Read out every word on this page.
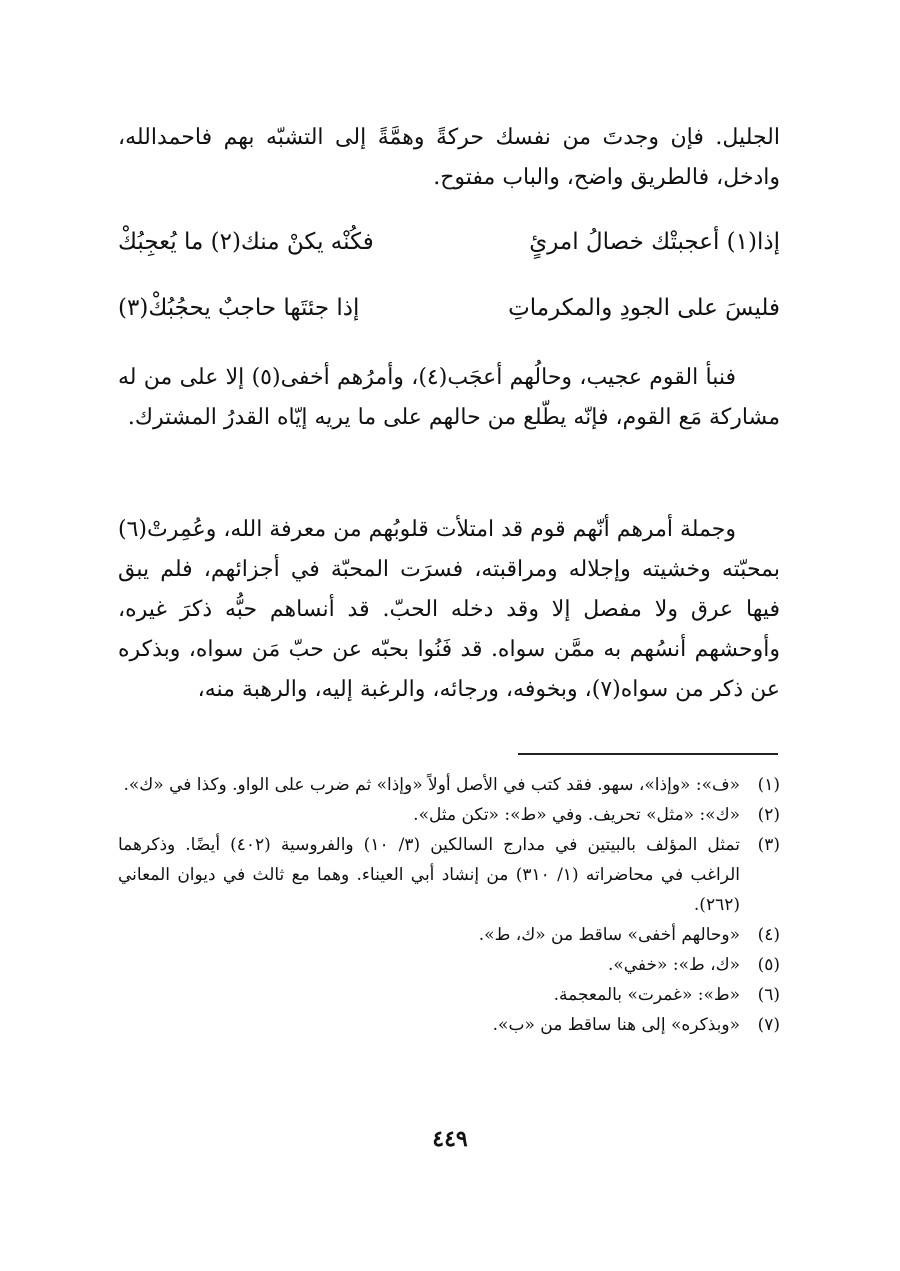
الجليل. فإن وجدتَ من نفسك حركةً وهمَّةً إلى التشبّه بهم فاحمدالله، وادخل، فالطريق واضح، والباب مفتوح.

إذا(١) أعجبتْك خصالُ امرئٍ
فكُنْه يكنْ منك(٢) ما يُعجِبُكْ
فليسَ على الجودِ والمكرماتِ
إذا جئتَها حاجبٌ يحجُبُكْ(٣)

فنبأ القوم عجيب، وحالُهم أعجَب(٤)، وأمرُهم أخفى(٥) إلا على من له مشاركة مَع القوم، فإنّه يطّلع من حالهم على ما يريه إيّاه القدرُ المشترك.

وجملة أمرهم أنّهم قوم قد امتلأت قلوبُهم من معرفة الله، وعُمِرتْ(٦) بمحبّته وخشيته وإجلاله ومراقبته، فسرَت المحبّة في أجزائهم، فلم يبق فيها عرق ولا مفصل إلا وقد دخله الحبّ. قد أنساهم حبُّه ذكرَ غيره، وأوحشهم أنسُهم به ممَّن سواه. قد فَنُوا بحبّه عن حبّ مَن سواه، وبذكره عن ذكر من سواه(٧)، وبخوفه، ورجائه، والرغبة إليه، والرهبة منه،

(١)
«ف»: «وإذا»، سهو. فقد كتب في الأصل أولاً «وإذا» ثم ضرب على الواو. وكذا في «ك».
(٢)
«ك»: «مثل» تحريف. وفي «ط»: «تكن مثل».
(٣)
تمثل المؤلف بالبيتين في مدارج السالكين (٣/ ١٠) والفروسية (٤٠٢) أيضًا. وذكرهما الراغب في محاضراته (١/ ٣١٠) من إنشاد أبي العيناء. وهما مع ثالث في ديوان المعاني (٢٦٢).
(٤)
«وحالهم أخفى» ساقط من «ك، ط».
(٥)
«ك، ط»: «خفي».
(٦)
«ط»: «غمرت» بالمعجمة.
(٧)
«وبذكره» إلى هنا ساقط من «ب».
٤٤٩
